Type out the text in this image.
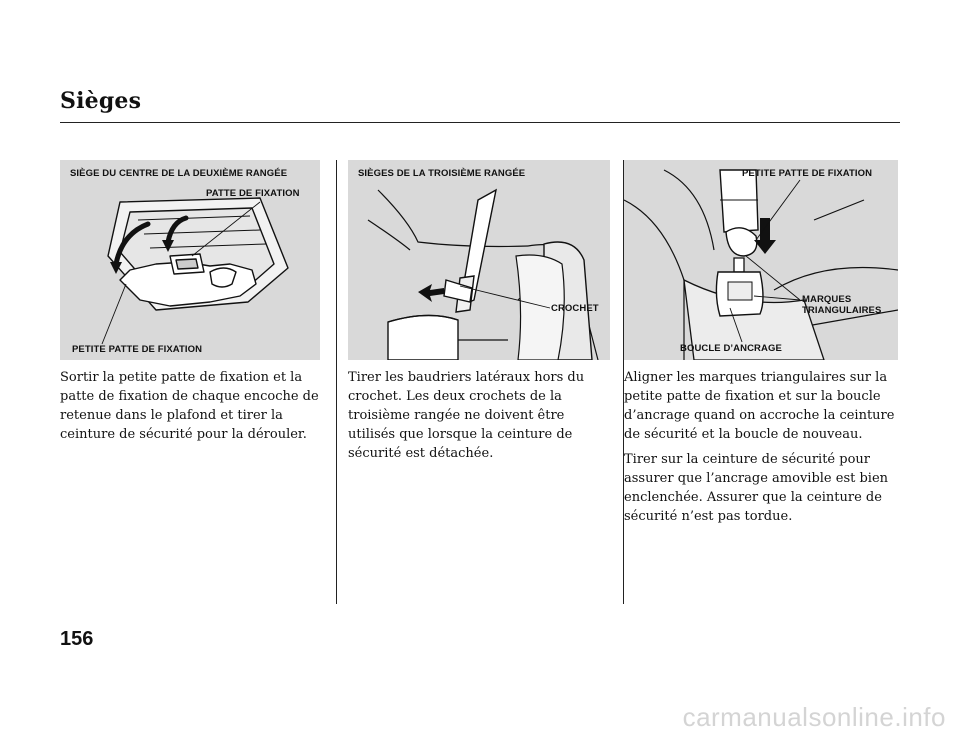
Sièges
SIÈGE DU CENTRE DE LA DEUXIÈME RANGÉE
PATTE DE FIXATION
PETITE PATTE DE FIXATION
SIÈGES DE LA TROISIÈME RANGÉE
CROCHET
PETITE PATTE DE FIXATION
MARQUES
TRIANGULAIRES
BOUCLE D’ANCRAGE

Sortir la petite patte de fixation et la patte de fixation de chaque encoche de retenue dans le plafond et tirer la ceinture de sécurité pour la dérouler.

Tirer les baudriers latéraux hors du crochet. Les deux crochets de la troisième rangée ne doivent être utilisés que lorsque la ceinture de sécurité est détachée.

Aligner les marques triangulaires sur la petite patte de fixation et sur la boucle d’ancrage quand on accroche la ceinture de sécurité et la boucle de nouveau.

Tirer sur la ceinture de sécurité pour assurer que l’ancrage amovible est bien enclenchée. Assurer que la ceinture de sécurité n’est pas tordue.

156
carmanualsonline.info
